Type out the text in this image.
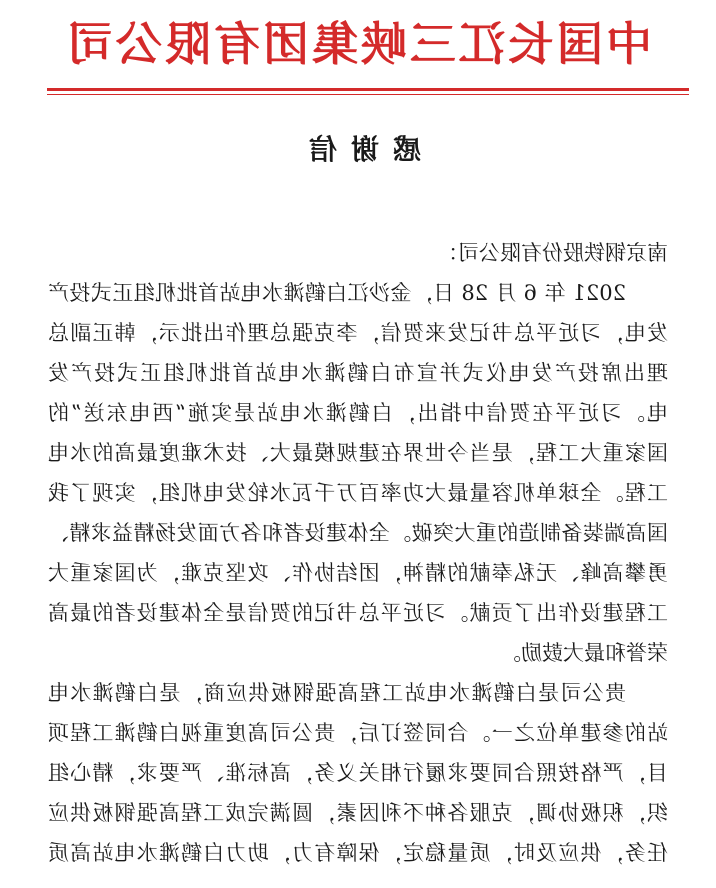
中国长江三峡集团有限公司
感谢信
南京钢铁股份有限公司：
2021 年 6 月 28 日，金沙江白鹤滩水电站首批机组正式投产
发电，习近平总书记发来贺信，李克强总理作出批示，韩正副总
理出席投产发电仪式并宣布白鹤滩水电站首批机组正式投产发
电。习近平在贺信中指出，白鹤滩水电站是实施“西电东送”的
国家重大工程，是当今世界在建规模最大、技术难度最高的水电
工程。全球单机容量最大功率百万千瓦水轮发电机组，实现了我
国高端装备制造的重大突破。全体建设者和各方面发扬精益求精、
勇攀高峰、无私奉献的精神，团结协作、攻坚克难，为国家重大
工程建设作出了贡献。习近平总书记的贺信是全体建设者的最高
荣誉和最大鼓励。
贵公司是白鹤滩水电站工程高强钢板供应商，是白鹤滩水电
站的参建单位之一。合同签订后，贵公司高度重视白鹤滩工程项
目，严格按照合同要求履行相关义务，高标准、严要求，精心组
织，积极协调，克服各种不利因素，圆满完成工程高强钢板供应
任务，供应及时，质量稳定，保障有力，助力白鹤滩水电站高质
